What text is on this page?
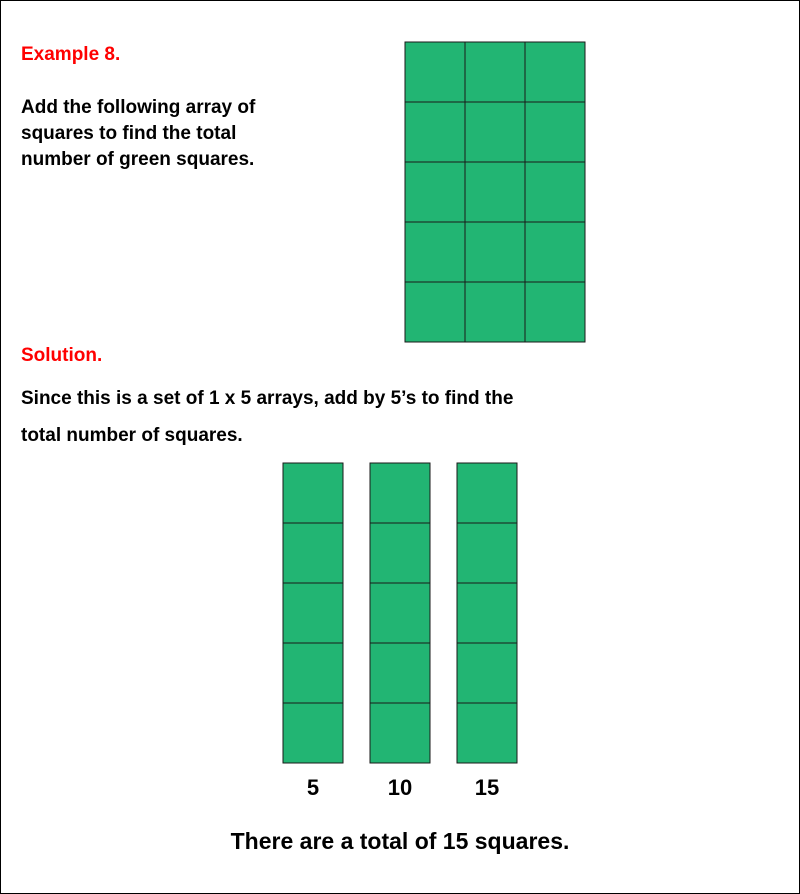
Example 8.
Add the following array of
squares to find the total
number of green squares.
Solution.
Since this is a set of 1 x 5 arrays, add by 5’s to find the
total number of squares.
5	10	15
There are a total of 15 squares.
